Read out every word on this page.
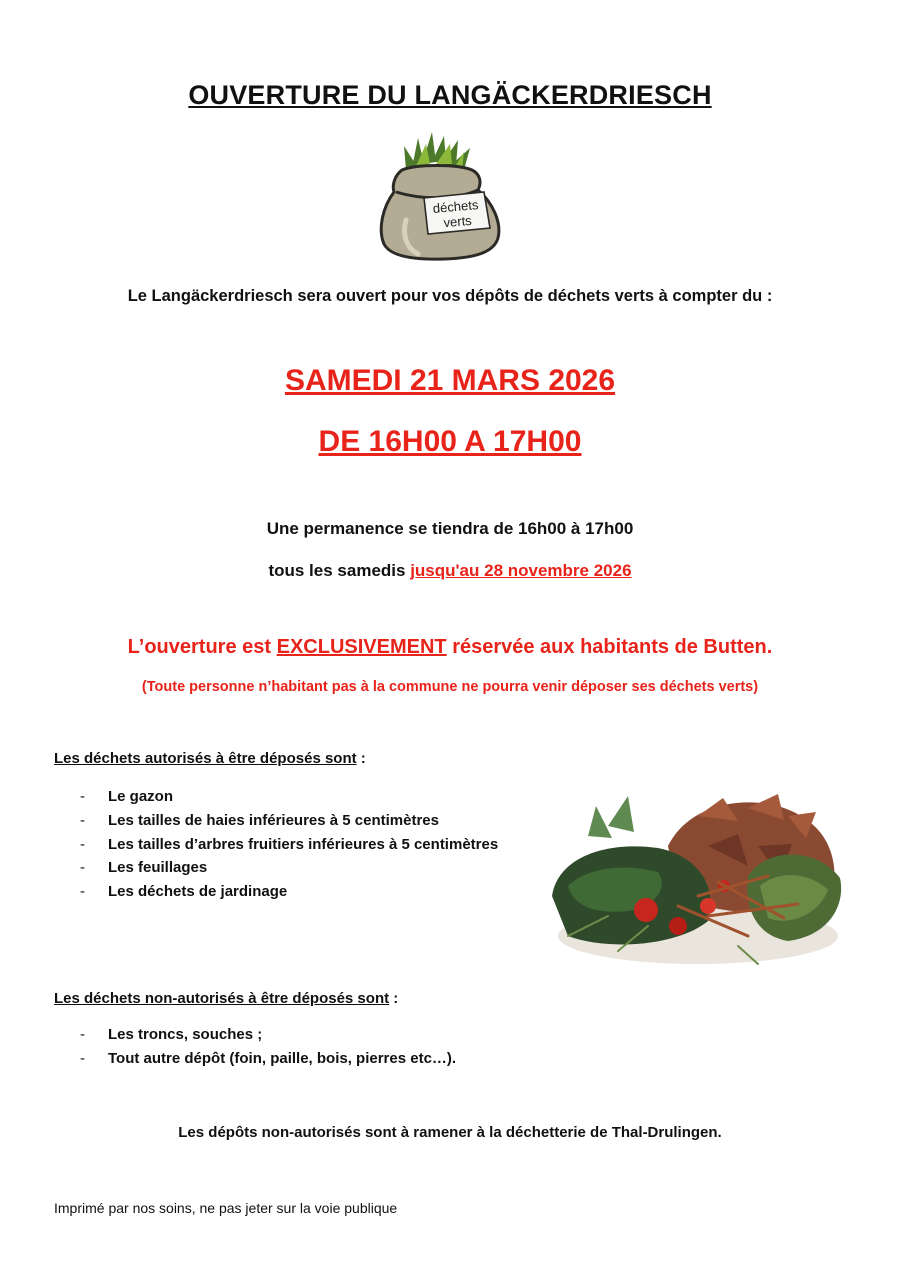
OUVERTURE DU LANGÄCKERDRIESCH
déchets
verts
Le Langäckerdriesch sera ouvert pour vos dépôts de déchets verts à compter du :
SAMEDI 21 MARS 2026
DE 16H00 A 17H00
Une permanence se tiendra de 16h00 à 17h00
tous les samedis jusqu'au 28 novembre 2026
L’ouverture est EXCLUSIVEMENT réservée aux habitants de Butten.
(Toute personne n’habitant pas à la commune ne pourra venir déposer ses déchets verts)
Les déchets autorisés à être déposés sont :
- Le gazon
- Les tailles de haies inférieures à 5 centimètres
- Les tailles d’arbres fruitiers inférieures à 5 centimètres
- Les feuillages
- Les déchets de jardinage
Les déchets non-autorisés à être déposés sont :
- Les troncs, souches ;
- Tout autre dépôt (foin, paille, bois, pierres etc…).
Les dépôts non-autorisés sont à ramener à la déchetterie de Thal-Drulingen.
Imprimé par nos soins, ne pas jeter sur la voie publique
